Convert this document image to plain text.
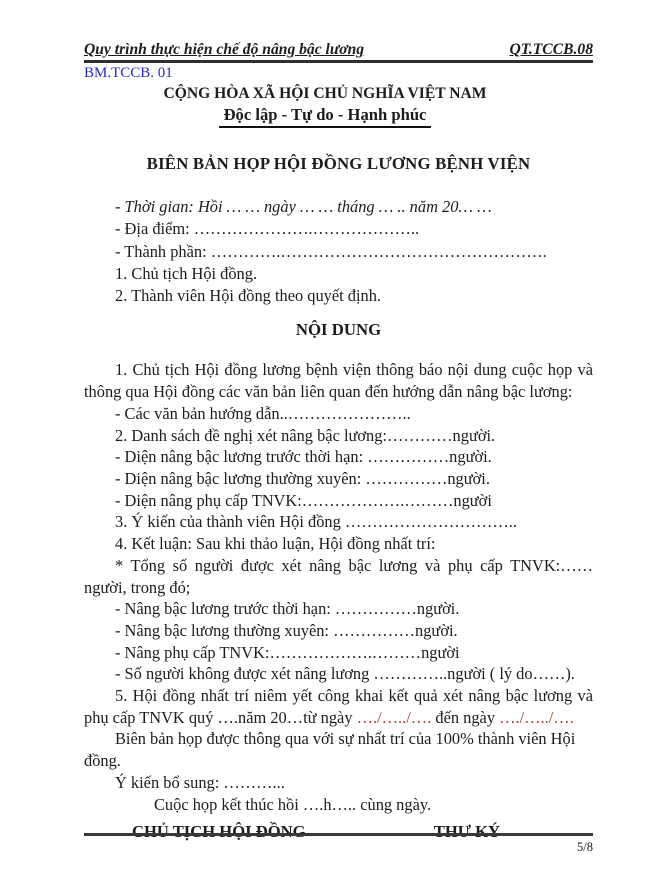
Quy trình thực hiện chế độ nâng bậc lương	QT.TCCB.08
BM.TCCB. 01
CỘNG HÒA XÃ HỘI CHỦ NGHĨA VIỆT NAM
Độc lập - Tự do - Hạnh phúc
BIÊN BẢN HỌP HỘI ĐỒNG LƯƠNG BỆNH VIỆN

- Thời gian: Hồi … … ngày … … tháng … .. năm 20… …

- Địa điểm: ………………….………………..

- Thành phần: ………….………………………………………….

1. Chủ tịch Hội đồng.

2. Thành viên Hội đồng theo quyết định.

NỘI DUNG

1. Chủ tịch Hội đồng lương bệnh viện thông báo nội dung cuộc họp và thông qua Hội đồng các văn bản liên quan đến hướng dẫn nâng bậc lương:

- Các văn bản hướng dẫn..…………………..

2. Danh sách đề nghị xét nâng bậc lương:…………người.

- Diện nâng bậc lương trước thời hạn: ……………người.

- Diện nâng bậc lương thường xuyên: ……………người.

- Diện nâng phụ cấp TNVK:……………….………người

3. Ý kiến của thành viên Hội đồng …………………………..

4. Kết luận: Sau khi thảo luận, Hội đồng nhất trí:

* Tổng số người được xét nâng bậc lương và phụ cấp TNVK:……người, trong đó;

- Nâng bậc lương trước thời hạn: ……………người.

- Nâng bậc lương thường xuyên: ……………người.

- Nâng phụ cấp TNVK:……………….………người

- Số người không được xét nâng lương …………..người ( lý do……).

5. Hội đồng nhất trí niêm yết công khai kết quả xét nâng bậc lương và phụ cấp TNVK quý ….năm 20…từ ngày …./…../…. đến ngày …./…../….

Biên bản họp được thông qua với sự nhất trí của 100% thành viên Hội đồng.

Ý kiến bổ sung: ………...

Cuộc họp kết thúc hồi ….h….. cùng ngày.

CHỦ TỊCH HỘI ĐỒNG	THƯ KÝ
5/8
